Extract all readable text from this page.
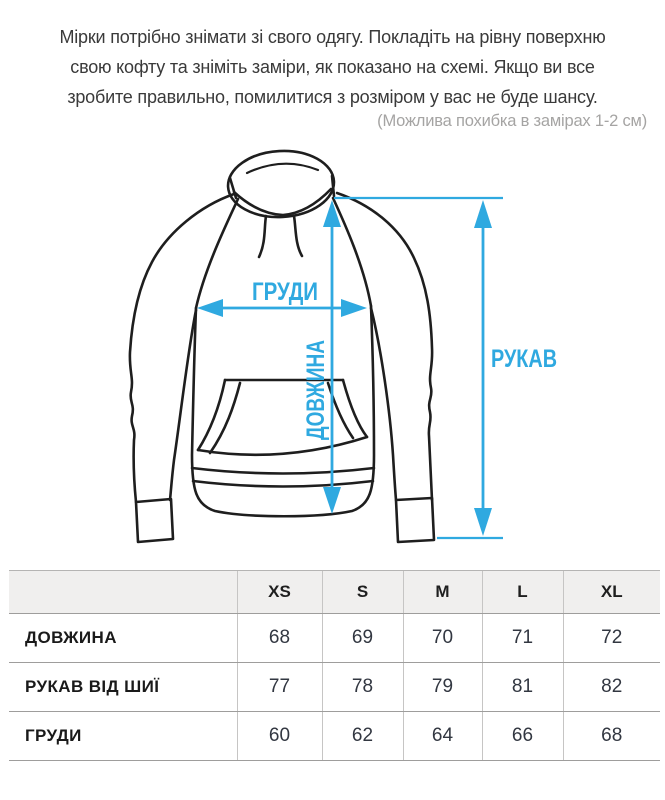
Мірки потрібно знімати зі свого одягу. Покладіть на рівну поверхню
свою кофту та зніміть заміри, як показано на схемі. Якщо ви все
зробите правильно, помилитися з розміром у вас не буде шансу.
(Можлива похибка в замірах 1-2 см)
ГРУДИ
ДОВЖИНА	РУКАВ
	XS	S	M	L	XL
ДОВЖИНА	68	69	70	71	72
РУКАВ ВІД ШИЇ	77	78	79	81	82
ГРУДИ	60	62	64	66	68
